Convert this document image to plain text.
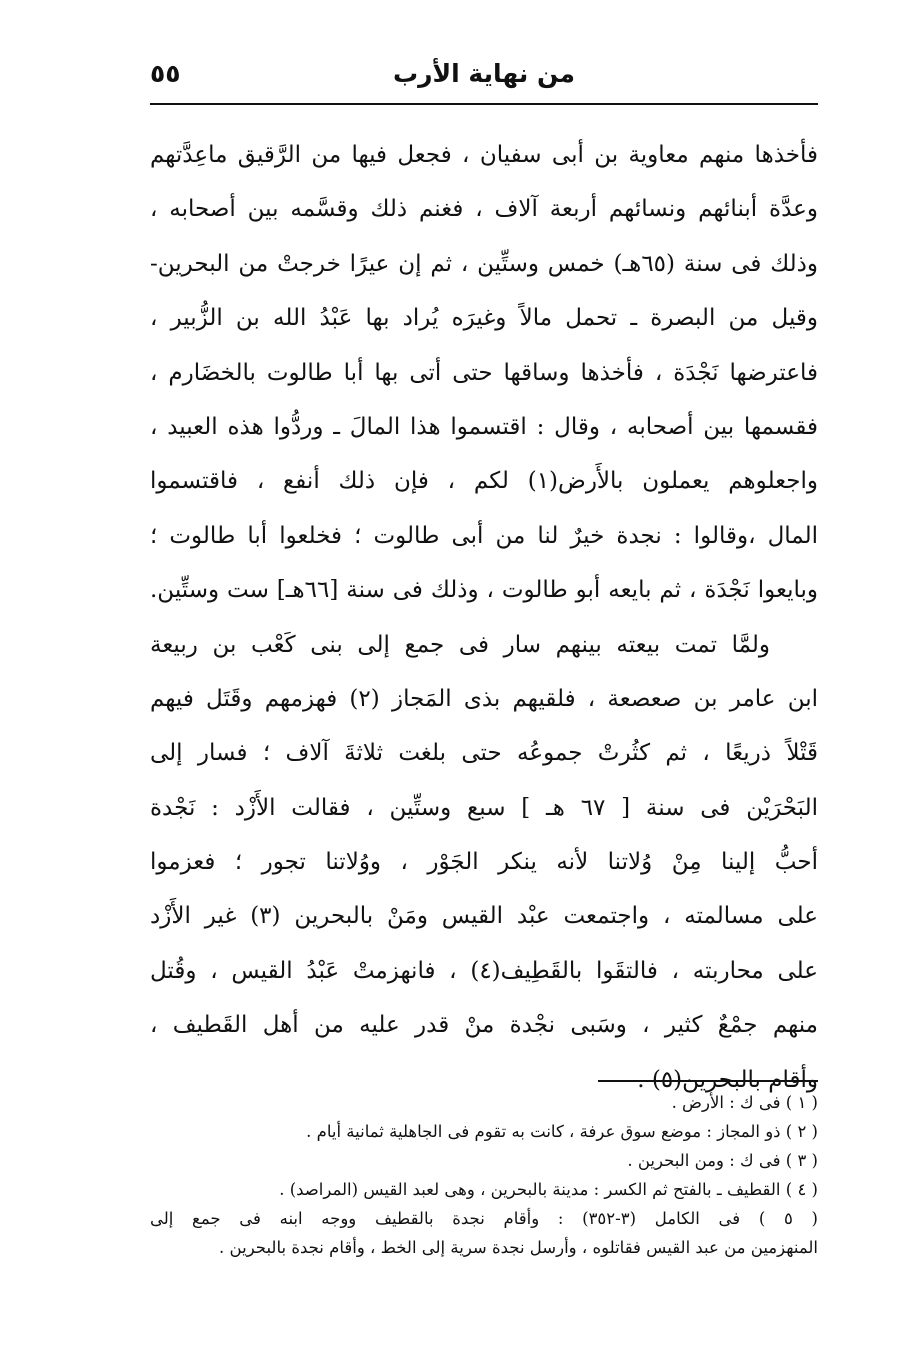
من نهاية الأرب
٥٥
فأخذها منهم معاوية بن أبى سفيان ، فجعل فيها من الرَّقيق ماعِدَّتهم
وعدَّة أبنائهم ونسائهم أربعة آلاف ، فغنم ذلك وقسَّمه بين أصحابه ،
وذلك فى سنة (٦٥هـ) خمس وستِّين ، ثم إن عيرًا خرجتْ من البحرين-
وقيل من البصرة ـ تحمل مالاً وغيرَه يُراد بها عَبْدُ الله بن الزُّبير ،
فاعترضها نَجْدَة ، فأخذها وساقها حتى أتى بها أبا طالوت بالخضَارم ،
فقسمها بين أصحابه ، وقال : اقتسموا هذا المالَ ـ وردُّوا هذه العبيد ،
واجعلوهم يعملون بالأَرض(١) لكم ، فإن ذلك أنفع ، فاقتسموا
المال ،وقالوا : نجدة خيرٌ لنا من أبى طالوت ؛ فخلعوا أبا طالوت ؛
وبايعوا نَجْدَة ، ثم بايعه أبو طالوت ، وذلك فى سنة [٦٦هـ] ست وستِّين.
ولمَّا تمت بيعته بينهم سار فى جمع إلى بنى كَعْب بن ربيعة
ابن عامر بن صعصعة ، فلقيهم بذى المَجاز (٢) فهزمهم وقَتَل فيهم
قَتْلاً ذريعًا ، ثم كثُرتْ جموعُه حتى بلغت ثلاثةَ آلاف ؛ فسار إلى
البَحْرَيْن فى سنة [ ٦٧ هـ ] سبع وستِّين ، فقالت الأَزْد : نَجْدة
أحبُّ إلينا مِنْ وُلاتنا لأنه ينكر الجَوْر ، ووُلاتنا تجور ؛ فعزموا
على مسالمته ، واجتمعت عبْد القيس ومَنْ بالبحرين (٣) غير الأَزْد
على محاربته ، فالتقَوا بالقَطِيف(٤) ، فانهزمتْ عَبْدُ القيس ، وقُتل
منهم جمْعٌ كثير ، وسَبى نجْدة منْ قدر عليه من أهل القَطيف ،
وأقام بالبحرين(٥) .
( ١ ) فى ك : الأرض .
( ٢ ) ذو المجاز : موضع سوق عرفة ، كانت به تقوم فى الجاهلية ثمانية أيام .
( ٣ ) فى ك : ومن البحرين .
( ٤ ) القطيف ـ بالفتح ثم الكسر : مدينة بالبحرين ، وهى لعبد القيس (المراصد) .
( ٥ ) فى الكامل (٣-٣٥٢) : وأقام نجدة بالقطيف ووجه ابنه فى جمع إلى
المنهزمين من عبد القيس فقاتلوه ، وأرسل نجدة سرية إلى الخط ، وأقام نجدة بالبحرين .
